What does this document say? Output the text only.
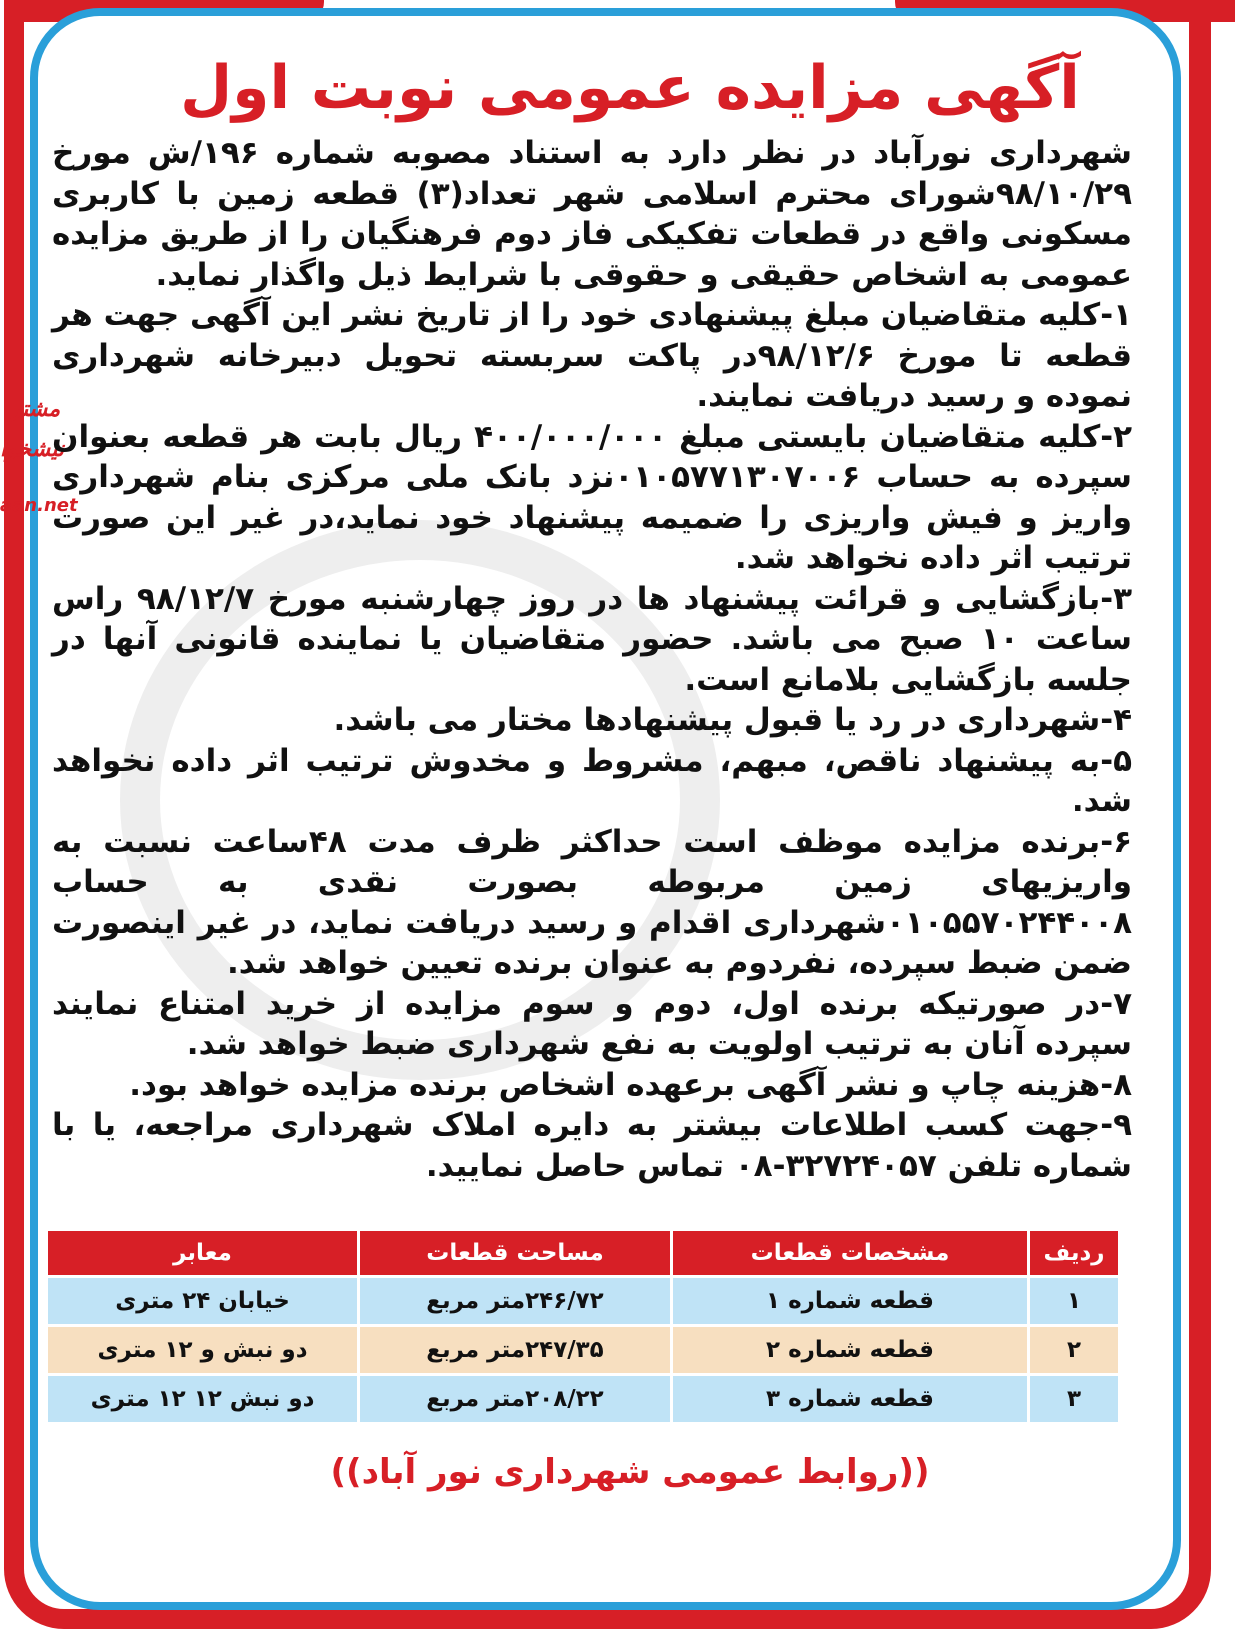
مشتر
نیشخوا
aan.net
آگهی مزایده عمومی نوبت اول

شهرداری نورآباد در نظر دارد به استناد مصوبه شماره ۱۹۶/ش مورخ ۹۸/۱۰/۲۹شورای محترم اسلامی شهر تعداد(۳) قطعه زمین با کاربری مسکونی واقع در قطعات تفکیکی فاز دوم فرهنگیان را از طریق مزایده عمومی به اشخاص حقیقی و حقوقی با شرایط ذیل واگذار نماید.

۱-کلیه متقاضیان مبلغ پیشنهادی خود را از تاریخ نشر این آگهی جهت هر قطعه تا مورخ ۹۸/۱۲/۶در پاکت سربسته تحویل دبیرخانه شهرداری نموده و رسید دریافت نمایند.

۲-کلیه متقاضیان بایستی مبلغ ۴۰۰/۰۰۰/۰۰۰ ریال بابت هر قطعه بعنوان سپرده به حساب ۰۱۰۵۷۷۱۳۰۷۰۰۶نزد بانک ملی مرکزی بنام شهرداری واریز و فیش واریزی را ضمیمه پیشنهاد خود نماید،در غیر این صورت ترتیب اثر داده نخواهد شد.

۳-بازگشایی و قرائت پیشنهاد ها در روز چهارشنبه مورخ ۹۸/۱۲/۷ راس ساعت ۱۰ صبح می باشد. حضور متقاضیان یا نماینده قانونی آنها در جلسه بازگشایی بلامانع است.

۴-شهرداری در رد یا قبول پیشنهادها مختار می باشد.

۵-به پیشنهاد ناقص، مبهم، مشروط و مخدوش ترتیب اثر داده نخواهد شد.

۶-برنده مزایده موظف است حداکثر ظرف مدت ۴۸ساعت نسبت به واریزیهای زمین مربوطه بصورت نقدی به حساب ۰۱۰۵۵۷۰۲۴۴۰۰۸شهرداری اقدام و رسید دریافت نماید، در غیر اینصورت ضمن ضبط سپرده، نفردوم به عنوان برنده تعیین خواهد شد.

۷-در صورتیکه برنده اول، دوم و سوم مزایده از خرید امتناع نمایند سپرده آنان به ترتیب اولویت به نفع شهرداری ضبط خواهد شد.

۸-هزینه چاپ و نشر آگهی برعهده اشخاص برنده مزایده خواهد بود.

۹-جهت کسب اطلاعات بیشتر به دایره املاک شهرداری مراجعه، یا با شماره تلفن ۳۲۷۲۴۰۵۷-۰۸ تماس حاصل نمایید.

ردیف	مشخصات قطعات	مساحت قطعات	معابر
۱	قطعه شماره ۱	۲۴۶/۷۲متر مربع	خیابان ۲۴ متری
۲	قطعه شماره ۲	۲۴۷/۳۵متر مربع	دو نبش و ۱۲ متری
۳	قطعه شماره ۳	۲۰۸/۲۲متر مربع	دو نبش ۱۲ ۱۲ متری
((روابط عمومی شهرداری نور آباد))
